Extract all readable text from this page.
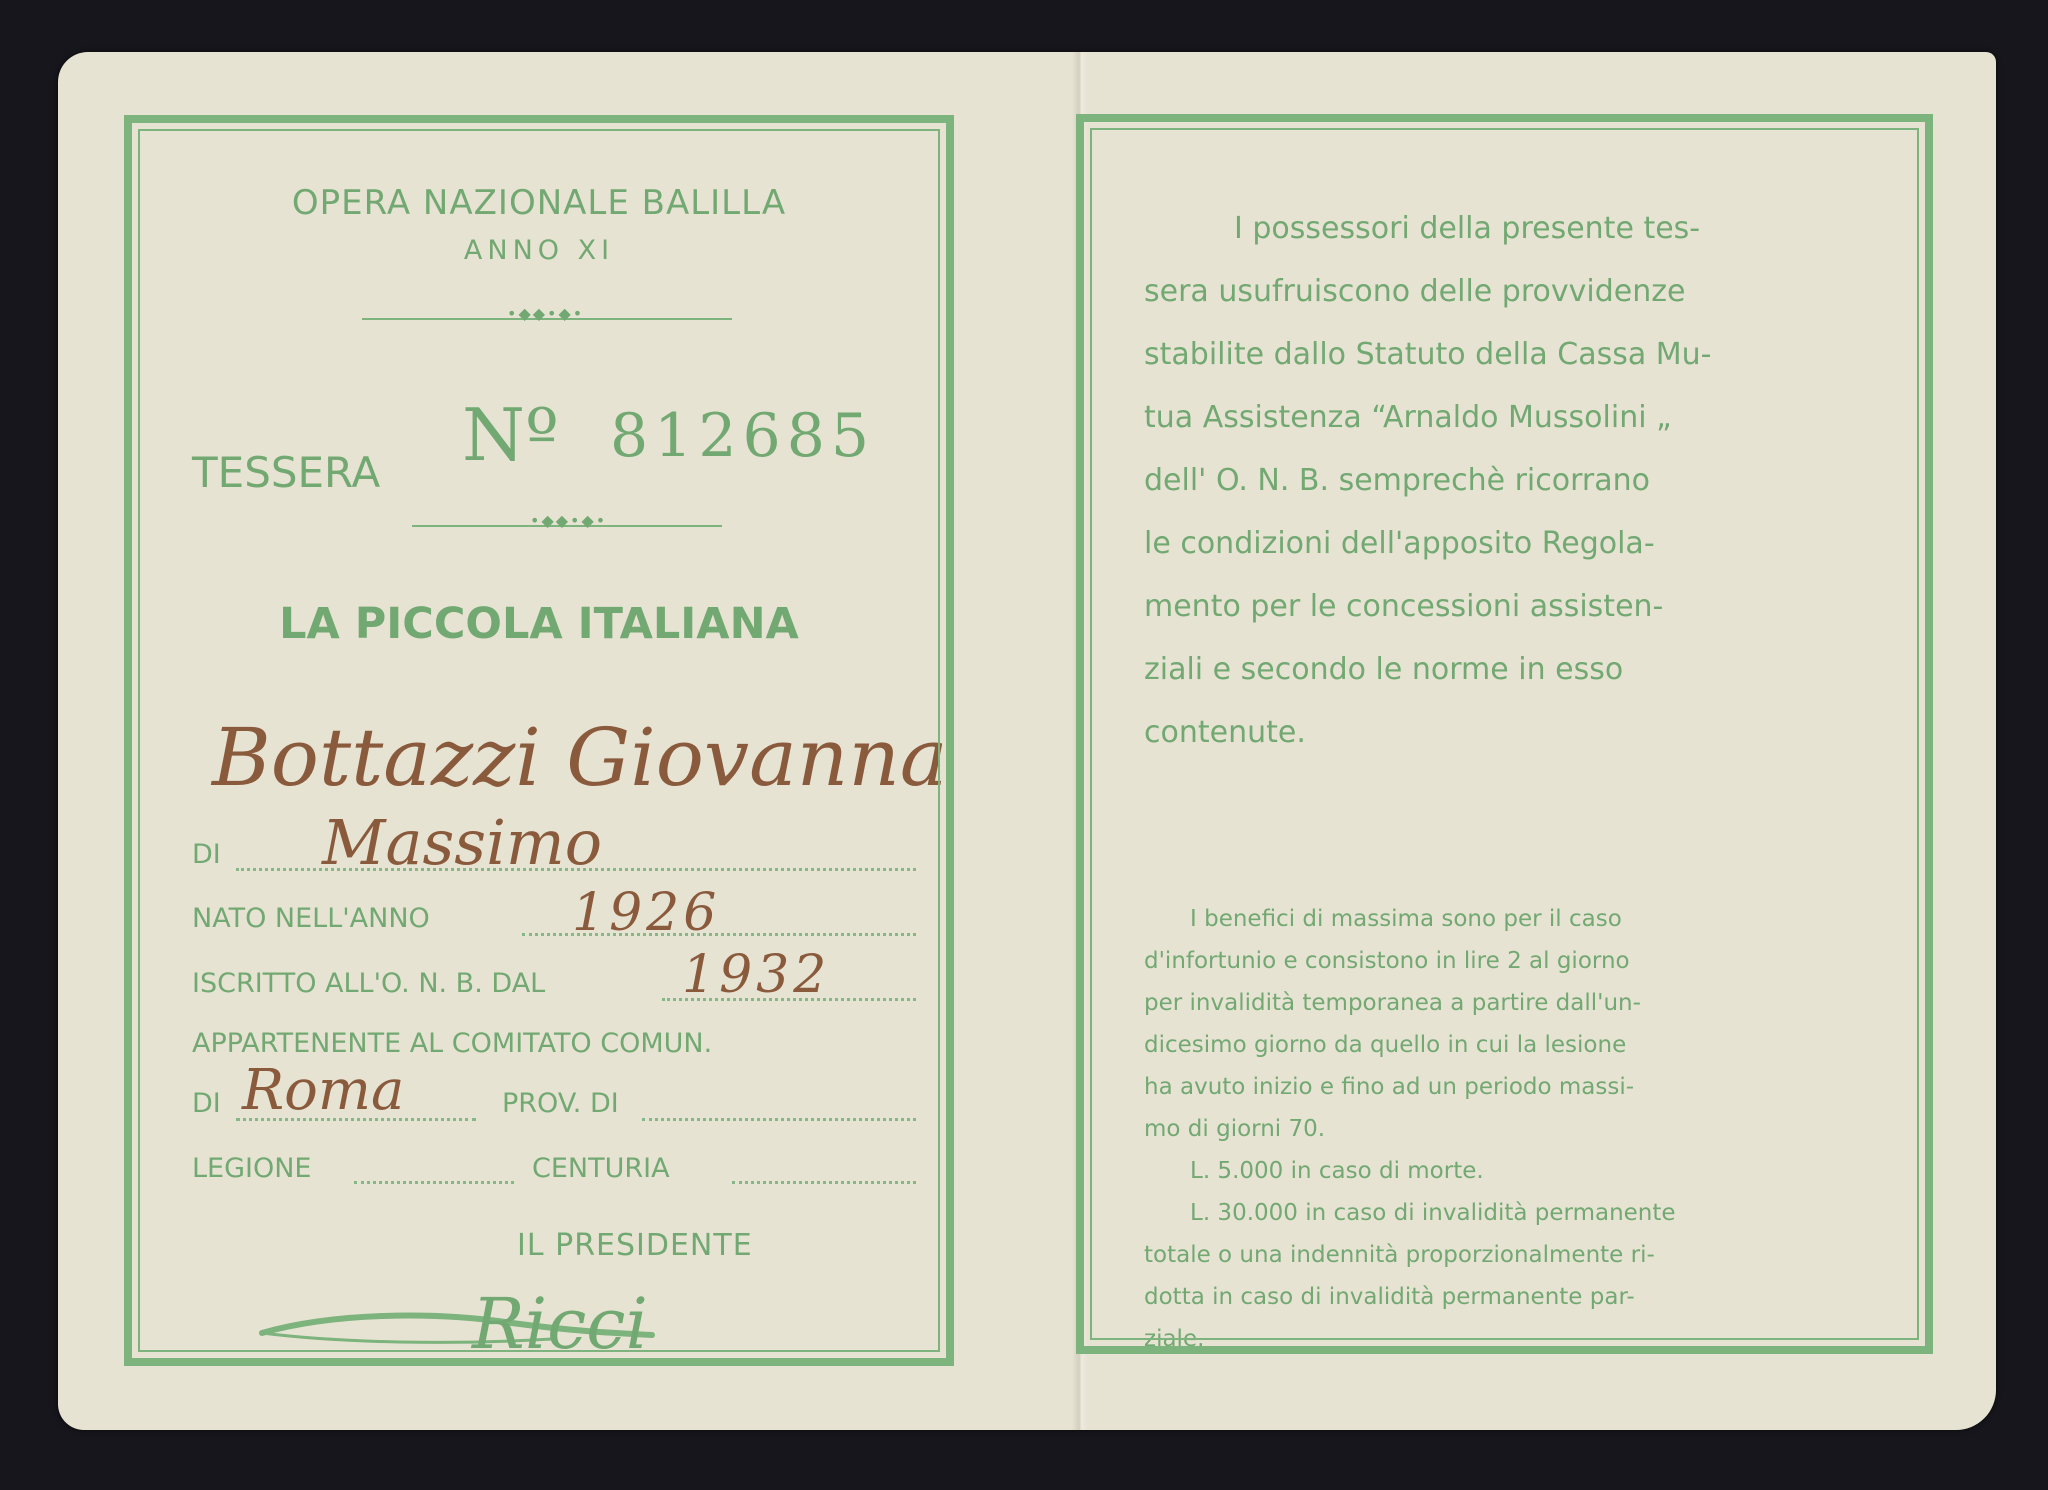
OPERA NAZIONALE BALILLA
ANNO XI
•◆◆•◆•
TESSERA Nº 812685
•◆◆•◆•
LA PICCOLA ITALIANA
Bottazzi Giovanna
DI Massimo
NATO NELL'ANNO	1926
ISCRITTO ALL'O. N. B. DAL	1932
APPARTENENTE AL COMITATO COMUN.
DI Roma	PROV. DI
LEGIONE	CENTURIA
IL PRESIDENTE
Ricci
I possessori della presente tes-
sera usufruiscono delle provvidenze
stabilite dallo Statuto della Cassa Mu-
tua Assistenza “Arnaldo Mussolini „
dell' O. N. B. semprechè ricorrano
le condizioni dell'apposito Regola-
mento per le concessioni assisten-
ziali e secondo le norme in esso
contenute.
I benefici di massima sono per il caso
d'infortunio e consistono in lire 2 al giorno
per invalidità temporanea a partire dall'un-
dicesimo giorno da quello in cui la lesione
ha avuto inizio e fino ad un periodo massi-
mo di giorni 70.
L. 5.000 in caso di morte.
L. 30.000 in caso di invalidità permanente
totale o una indennità proporzionalmente ri-
dotta in caso di invalidità permanente par-
ziale.
